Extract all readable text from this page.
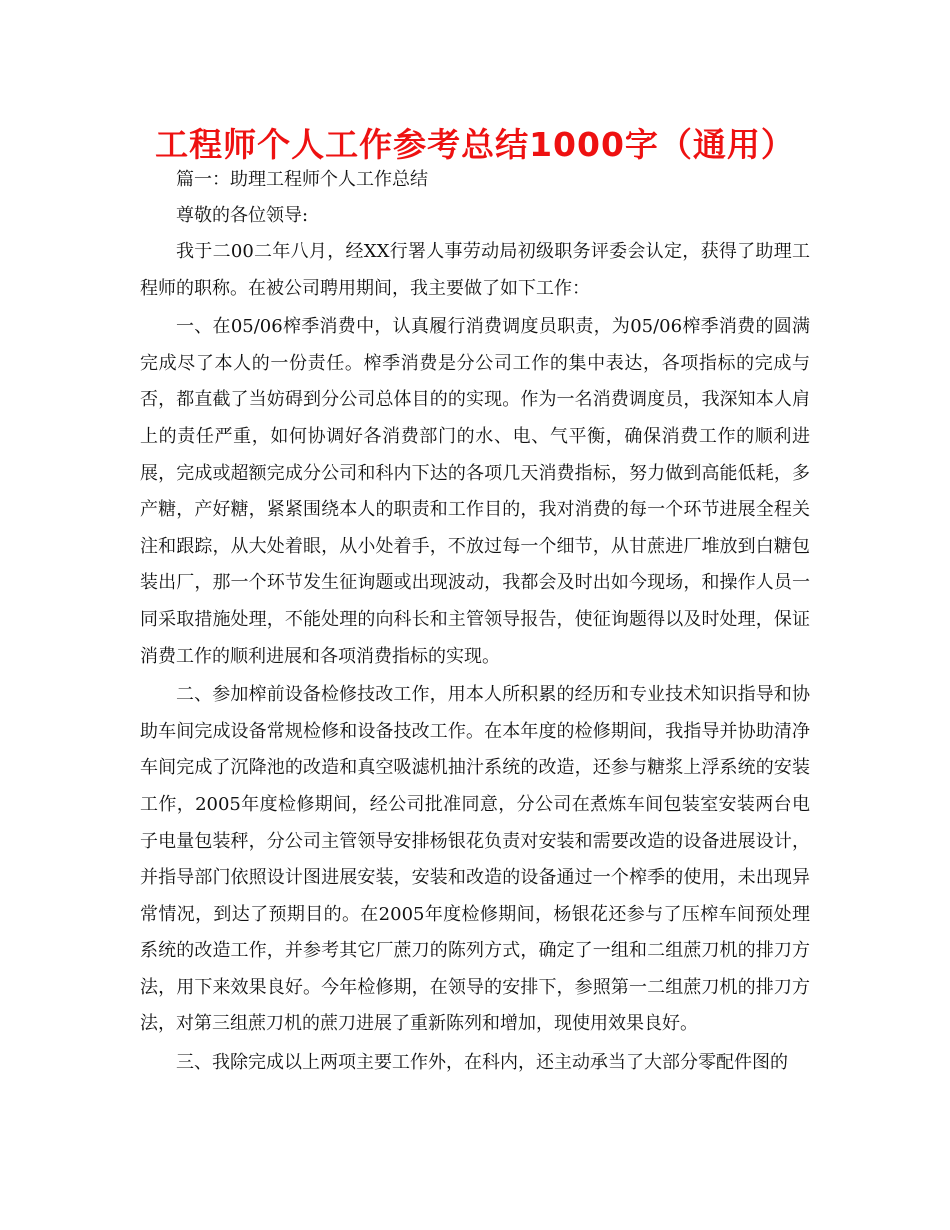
工程师个人工作参考总结1000字（通用）

篇一：助理工程师个人工作总结

尊敬的各位领导:

我于二00二年八月，经XX行署人事劳动局初级职务评委会认定，获得了助理工程师的职称。在被公司聘用期间，我主要做了如下工作：

一、在05/06榨季消费中，认真履行消费调度员职责，为05/06榨季消费的圆满完成尽了本人的一份责任。榨季消费是分公司工作的集中表达，各项指标的完成与否，都直截了当妨碍到分公司总体目的的实现。作为一名消费调度员，我深知本人肩上的责任严重，如何协调好各消费部门的水、电、气平衡，确保消费工作的顺利进展，完成或超额完成分公司和科内下达的各项几天消费指标，努力做到高能低耗，多产糖，产好糖，紧紧围绕本人的职责和工作目的，我对消费的每一个环节进展全程关注和跟踪，从大处着眼，从小处着手，不放过每一个细节，从甘蔗进厂堆放到白糖包装出厂，那一个环节发生征询题或出现波动，我都会及时出如今现场，和操作人员一同采取措施处理，不能处理的向科长和主管领导报告，使征询题得以及时处理，保证消费工作的顺利进展和各项消费指标的实现。

二、参加榨前设备检修技改工作，用本人所积累的经历和专业技术知识指导和协助车间完成设备常规检修和设备技改工作。在本年度的检修期间，我指导并协助清净车间完成了沉降池的改造和真空吸滤机抽汁系统的改造，还参与糖浆上浮系统的安装工作，2005年度检修期间，经公司批准同意，分公司在煮炼车间包装室安装两台电子电量包装秤，分公司主管领导安排杨银花负责对安装和需要改造的设备进展设计，并指导部门依照设计图进展安装，安装和改造的设备通过一个榨季的使用，未出现异常情况，到达了预期目的。在2005年度检修期间，杨银花还参与了压榨车间预处理系统的改造工作，并参考其它厂蔗刀的陈列方式，确定了一组和二组蔗刀机的排刀方法，用下来效果良好。今年检修期，在领导的安排下，参照第一二组蔗刀机的排刀方法，对第三组蔗刀机的蔗刀进展了重新陈列和增加，现使用效果良好。

三、我除完成以上两项主要工作外，在科内，还主动承当了大部分零配件图的
